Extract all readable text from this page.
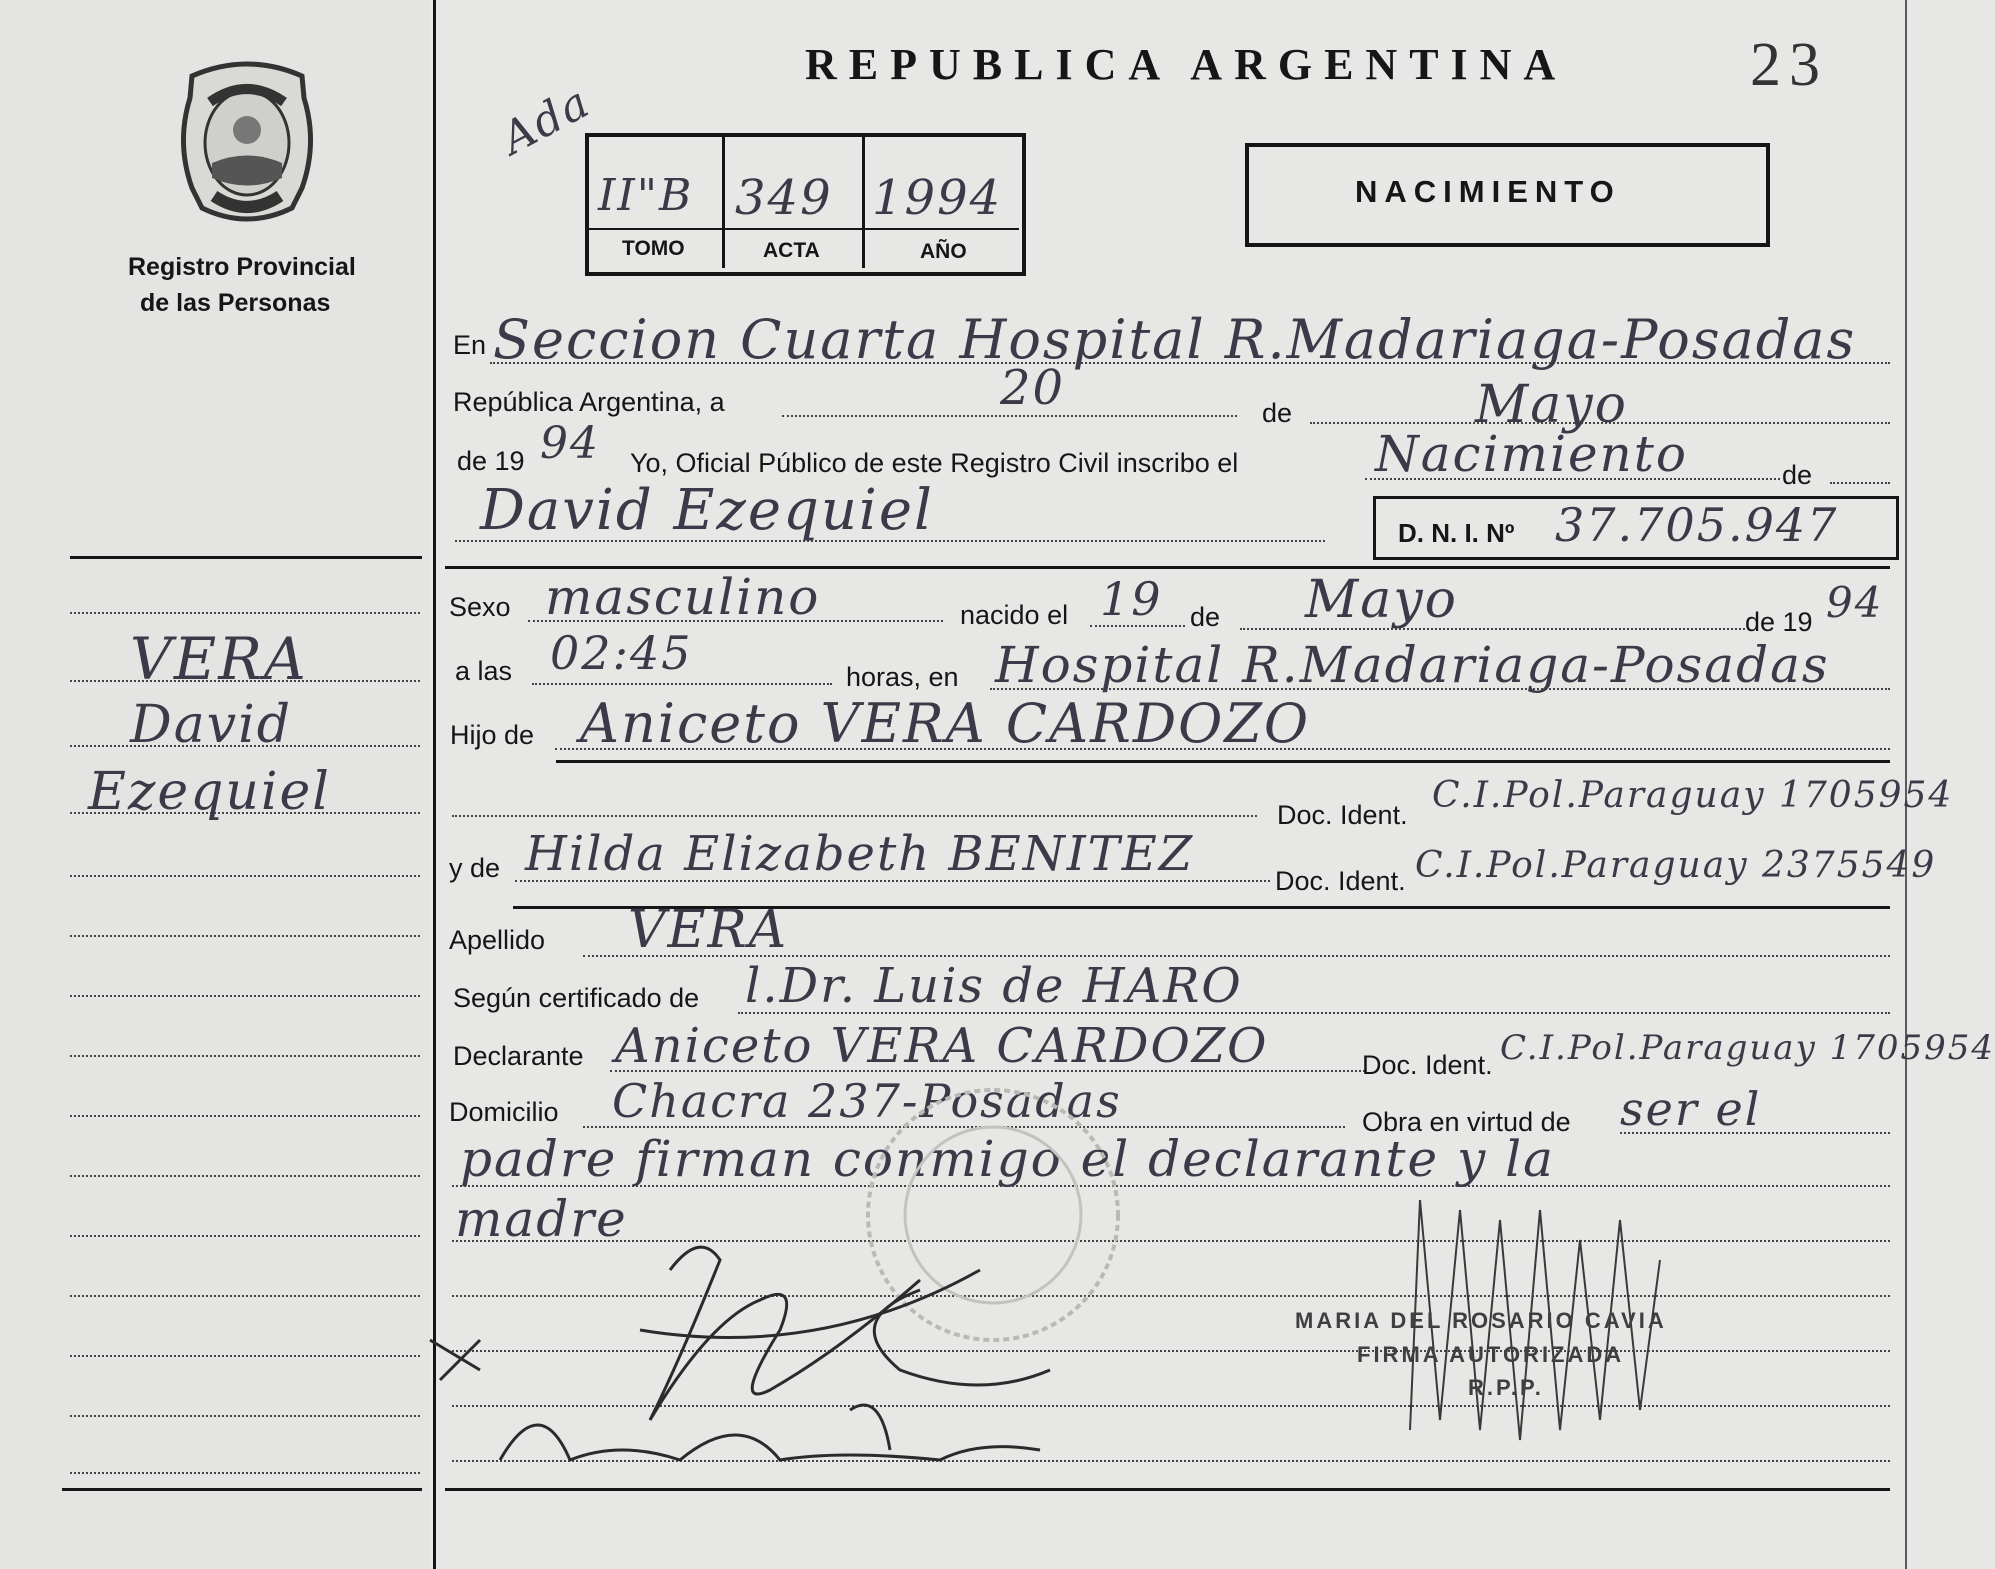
Registro Provincial
de las Personas
VERA
David
Ezequiel
REPUBLICA ARGENTINA	23
Ada
II"B 349 1994
TOMO	ACTA	AÑO
NACIMIENTO
En Seccion Cuarta Hospital R.Madariaga-Posadas
República Argentina, a	20	de	Mayo
de 19 94 Yo, Oficial Público de este Registro Civil inscribo el	Nacimiento	de
David Ezequiel	D. N. I. Nº 37.705.947
Sexo masculino	nacido el 19 de Mayo	de 19 94
a las 02:45	horas, en Hospital R.Madariaga-Posadas
Hijo de Aniceto VERA CARDOZO
Doc. Ident. C.I.Pol.Paraguay 1705954
y de Hilda Elizabeth BENITEZ	Doc. Ident. C.I.Pol.Paraguay 2375549
Apellido VERA
Según certificado de l.Dr. Luis de HARO
Declarante Aniceto VERA CARDOZO	Doc. Ident. C.I.Pol.Paraguay 1705954
Domicilio Chacra 237-Posadas	Obra en virtud de ser el
padre firman conmigo el declarante y la
madre
MARIA DEL ROSARIO CAVIA
FIRMA AUTORIZADA
R.P.P.
